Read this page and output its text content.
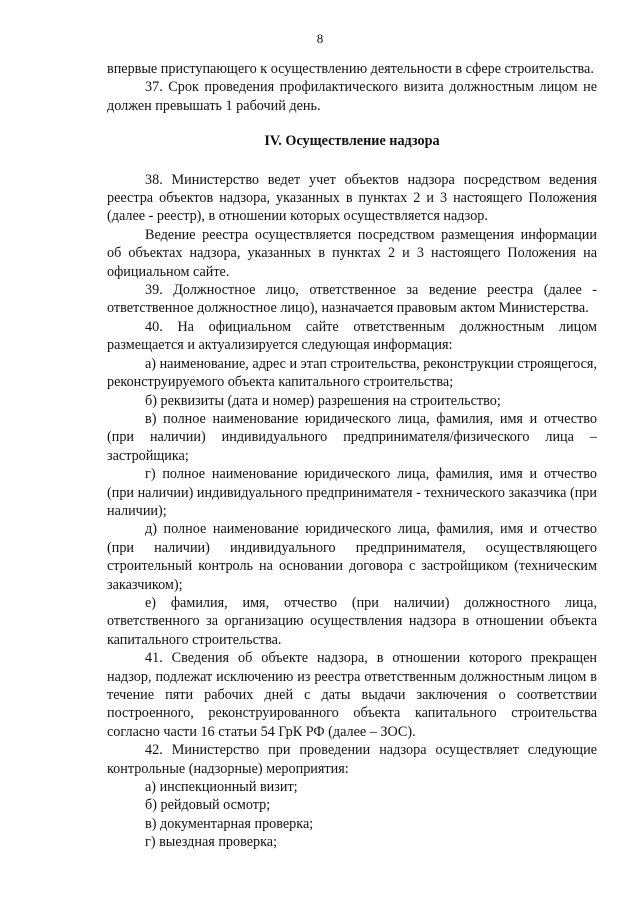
8

впервые приступающего к осуществлению деятельности в сфере строительства.

37. Срок проведения профилактического визита должностным лицом не должен превышать 1 рабочий день.

IV. Осуществление надзора

38. Министерство ведет учет объектов надзора посредством ведения реестра объектов надзора, указанных в пунктах 2 и 3 настоящего Положения (далее - реестр), в отношении которых осуществляется надзор.

Ведение реестра осуществляется посредством размещения информации об объектах надзора, указанных в пунктах 2 и 3 настоящего Положения на официальном сайте.

39. Должностное лицо, ответственное за ведение реестра (далее - ответственное должностное лицо), назначается правовым актом Министерства.

40. На официальном сайте ответственным должностным лицом размещается и актуализируется следующая информация:

а) наименование, адрес и этап строительства, реконструкции строящегося, реконструируемого объекта капитального строительства;

б) реквизиты (дата и номер) разрешения на строительство;

в) полное наименование юридического лица, фамилия, имя и отчество (при наличии) индивидуального предпринимателя/физического лица – застройщика;

г) полное наименование юридического лица, фамилия, имя и отчество (при наличии) индивидуального предпринимателя - технического заказчика (при наличии);

д) полное наименование юридического лица, фамилия, имя и отчество (при наличии) индивидуального предпринимателя, осуществляющего строительный контроль на основании договора с застройщиком (техническим заказчиком);

е) фамилия, имя, отчество (при наличии) должностного лица, ответственного за организацию осуществления надзора в отношении объекта капитального строительства.

41. Сведения об объекте надзора, в отношении которого прекращен надзор, подлежат исключению из реестра ответственным должностным лицом в течение пяти рабочих дней с даты выдачи заключения о соответствии построенного, реконструированного объекта капитального строительства согласно части 16 статьи 54 ГрК РФ (далее – ЗОС).

42. Министерство при проведении надзора осуществляет следующие контрольные (надзорные) мероприятия:

а) инспекционный визит;

б) рейдовый осмотр;

в) документарная проверка;

г) выездная проверка;
